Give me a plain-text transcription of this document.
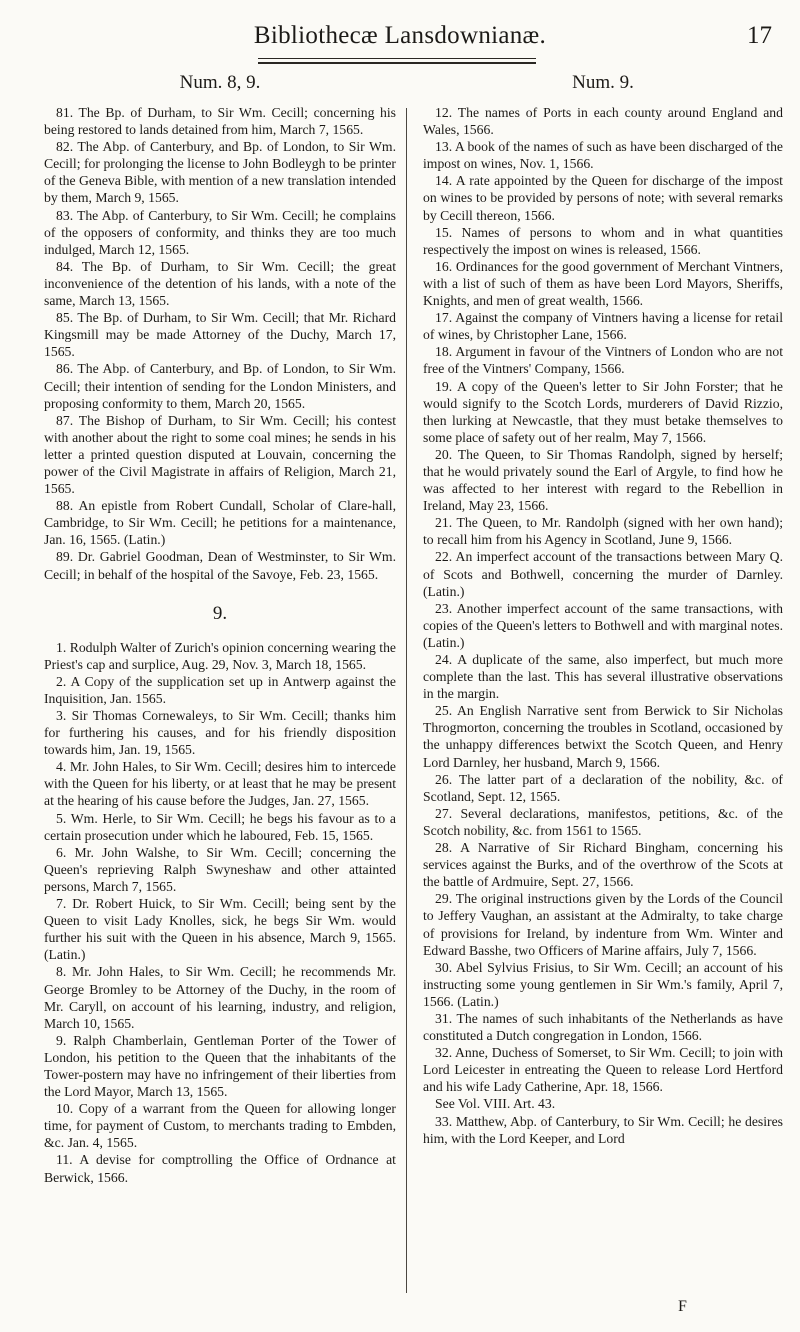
Bibliothecæ Lansdownianæ.	17
Num. 8, 9.

81. The Bp. of Durham, to Sir Wm. Cecill; concerning his being restored to lands detained from him, March 7, 1565.

82. The Abp. of Canterbury, and Bp. of London, to Sir Wm. Cecill; for prolonging the license to John Bodleygh to be printer of the Geneva Bible, with mention of a new translation intended by them, March 9, 1565.

83. The Abp. of Canterbury, to Sir Wm. Cecill; he complains of the opposers of conformity, and thinks they are too much indulged, March 12, 1565.

84. The Bp. of Durham, to Sir Wm. Cecill; the great inconvenience of the detention of his lands, with a note of the same, March 13, 1565.

85. The Bp. of Durham, to Sir Wm. Cecill; that Mr. Richard Kingsmill may be made Attorney of the Duchy, March 17, 1565.

86. The Abp. of Canterbury, and Bp. of London, to Sir Wm. Cecill; their intention of sending for the London Ministers, and proposing conformity to them, March 20, 1565.

87. The Bishop of Durham, to Sir Wm. Cecill; his contest with another about the right to some coal mines; he sends in his letter a printed question disputed at Louvain, concerning the power of the Civil Magistrate in affairs of Religion, March 21, 1565.

88. An epistle from Robert Cundall, Scholar of Clare-hall, Cambridge, to Sir Wm. Cecill; he petitions for a maintenance, Jan. 16, 1565. (Latin.)

89. Dr. Gabriel Goodman, Dean of Westminster, to Sir Wm. Cecill; in behalf of the hospital of the Savoye, Feb. 23, 1565.

9.

1. Rodulph Walter of Zurich's opinion concerning wearing the Priest's cap and surplice, Aug. 29, Nov. 3, March 18, 1565.

2. A Copy of the supplication set up in Antwerp against the Inquisition, Jan. 1565.

3. Sir Thomas Cornewaleys, to Sir Wm. Cecill; thanks him for furthering his causes, and for his friendly disposition towards him, Jan. 19, 1565.

4. Mr. John Hales, to Sir Wm. Cecill; desires him to intercede with the Queen for his liberty, or at least that he may be present at the hearing of his cause before the Judges, Jan. 27, 1565.

5. Wm. Herle, to Sir Wm. Cecill; he begs his favour as to a certain prosecution under which he laboured, Feb. 15, 1565.

6. Mr. John Walshe, to Sir Wm. Cecill; concerning the Queen's reprieving Ralph Swyneshaw and other attainted persons, March 7, 1565.

7. Dr. Robert Huick, to Sir Wm. Cecill; being sent by the Queen to visit Lady Knolles, sick, he begs Sir Wm. would further his suit with the Queen in his absence, March 9, 1565. (Latin.)

8. Mr. John Hales, to Sir Wm. Cecill; he recommends Mr. George Bromley to be Attorney of the Duchy, in the room of Mr. Caryll, on account of his learning, industry, and religion, March 10, 1565.

9. Ralph Chamberlain, Gentleman Porter of the Tower of London, his petition to the Queen that the inhabitants of the Tower-postern may have no infringement of their liberties from the Lord Mayor, March 13, 1565.

10. Copy of a warrant from the Queen for allowing longer time, for payment of Custom, to merchants trading to Embden, &c. Jan. 4, 1565.

11. A devise for comptrolling the Office of Ordnance at Berwick, 1566.

Num. 9.

12. The names of Ports in each county around England and Wales, 1566.

13. A book of the names of such as have been discharged of the impost on wines, Nov. 1, 1566.

14. A rate appointed by the Queen for discharge of the impost on wines to be provided by persons of note; with several remarks by Cecill thereon, 1566.

15. Names of persons to whom and in what quantities respectively the impost on wines is released, 1566.

16. Ordinances for the good government of Merchant Vintners, with a list of such of them as have been Lord Mayors, Sheriffs, Knights, and men of great wealth, 1566.

17. Against the company of Vintners having a license for retail of wines, by Christopher Lane, 1566.

18. Argument in favour of the Vintners of London who are not free of the Vintners' Company, 1566.

19. A copy of the Queen's letter to Sir John Forster; that he would signify to the Scotch Lords, murderers of David Rizzio, then lurking at Newcastle, that they must betake themselves to some place of safety out of her realm, May 7, 1566.

20. The Queen, to Sir Thomas Randolph, signed by herself; that he would privately sound the Earl of Argyle, to find how he was affected to her interest with regard to the Rebellion in Ireland, May 23, 1566.

21. The Queen, to Mr. Randolph (signed with her own hand); to recall him from his Agency in Scotland, June 9, 1566.

22. An imperfect account of the transactions between Mary Q. of Scots and Bothwell, concerning the murder of Darnley. (Latin.)

23. Another imperfect account of the same transactions, with copies of the Queen's letters to Bothwell and with marginal notes. (Latin.)

24. A duplicate of the same, also imperfect, but much more complete than the last. This has several illustrative observations in the margin.

25. An English Narrative sent from Berwick to Sir Nicholas Throgmorton, concerning the troubles in Scotland, occasioned by the unhappy differences betwixt the Scotch Queen, and Henry Lord Darnley, her husband, March 9, 1566.

26. The latter part of a declaration of the nobility, &c. of Scotland, Sept. 12, 1565.

27. Several declarations, manifestos, petitions, &c. of the Scotch nobility, &c. from 1561 to 1565.

28. A Narrative of Sir Richard Bingham, concerning his services against the Burks, and of the overthrow of the Scots at the battle of Ardmuire, Sept. 27, 1566.

29. The original instructions given by the Lords of the Council to Jeffery Vaughan, an assistant at the Admiralty, to take charge of provisions for Ireland, by indenture from Wm. Winter and Edward Basshe, two Officers of Marine affairs, July 7, 1566.

30. Abel Sylvius Frisius, to Sir Wm. Cecill; an account of his instructing some young gentlemen in Sir Wm.'s family, April 7, 1566. (Latin.)

31. The names of such inhabitants of the Netherlands as have constituted a Dutch congregation in London, 1566.

32. Anne, Duchess of Somerset, to Sir Wm. Cecill; to join with Lord Leicester in entreating the Queen to release Lord Hertford and his wife Lady Catherine, Apr. 18, 1566.

See Vol. VIII. Art. 43.

33. Matthew, Abp. of Canterbury, to Sir Wm. Cecill; he desires him, with the Lord Keeper, and Lord

F
